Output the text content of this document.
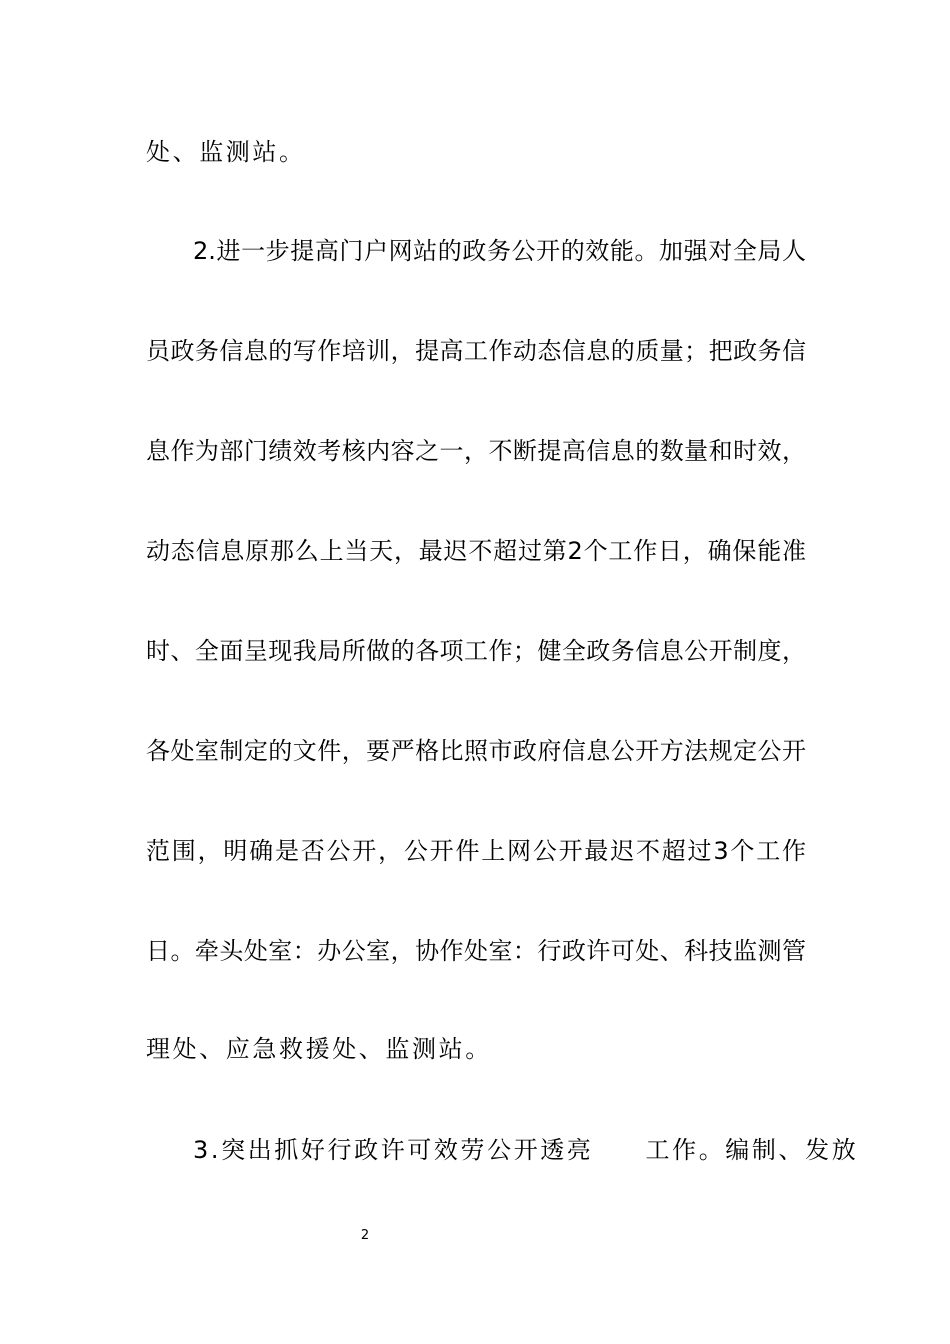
处、监测站。
2.进一步提高门户网站的政务公开的效能。加强对全局人
员政务信息的写作培训，提高工作动态信息的质量；把政务信
息作为部门绩效考核内容之一，不断提高信息的数量和时效，
动态信息原那么上当天，最迟不超过第2个工作日，确保能准
时、全面呈现我局所做的各项工作；健全政务信息公开制度，
各处室制定的文件，要严格比照市政府信息公开方法规定公开
范围，明确是否公开，公开件上网公开最迟不超过3个工作
日。牵头处室：办公室，协作处室：行政许可处、科技监测管
理处、应急救援处、监测站。
3.突出抓好行政许可效劳公开透亮 工作。编制、发放
2
